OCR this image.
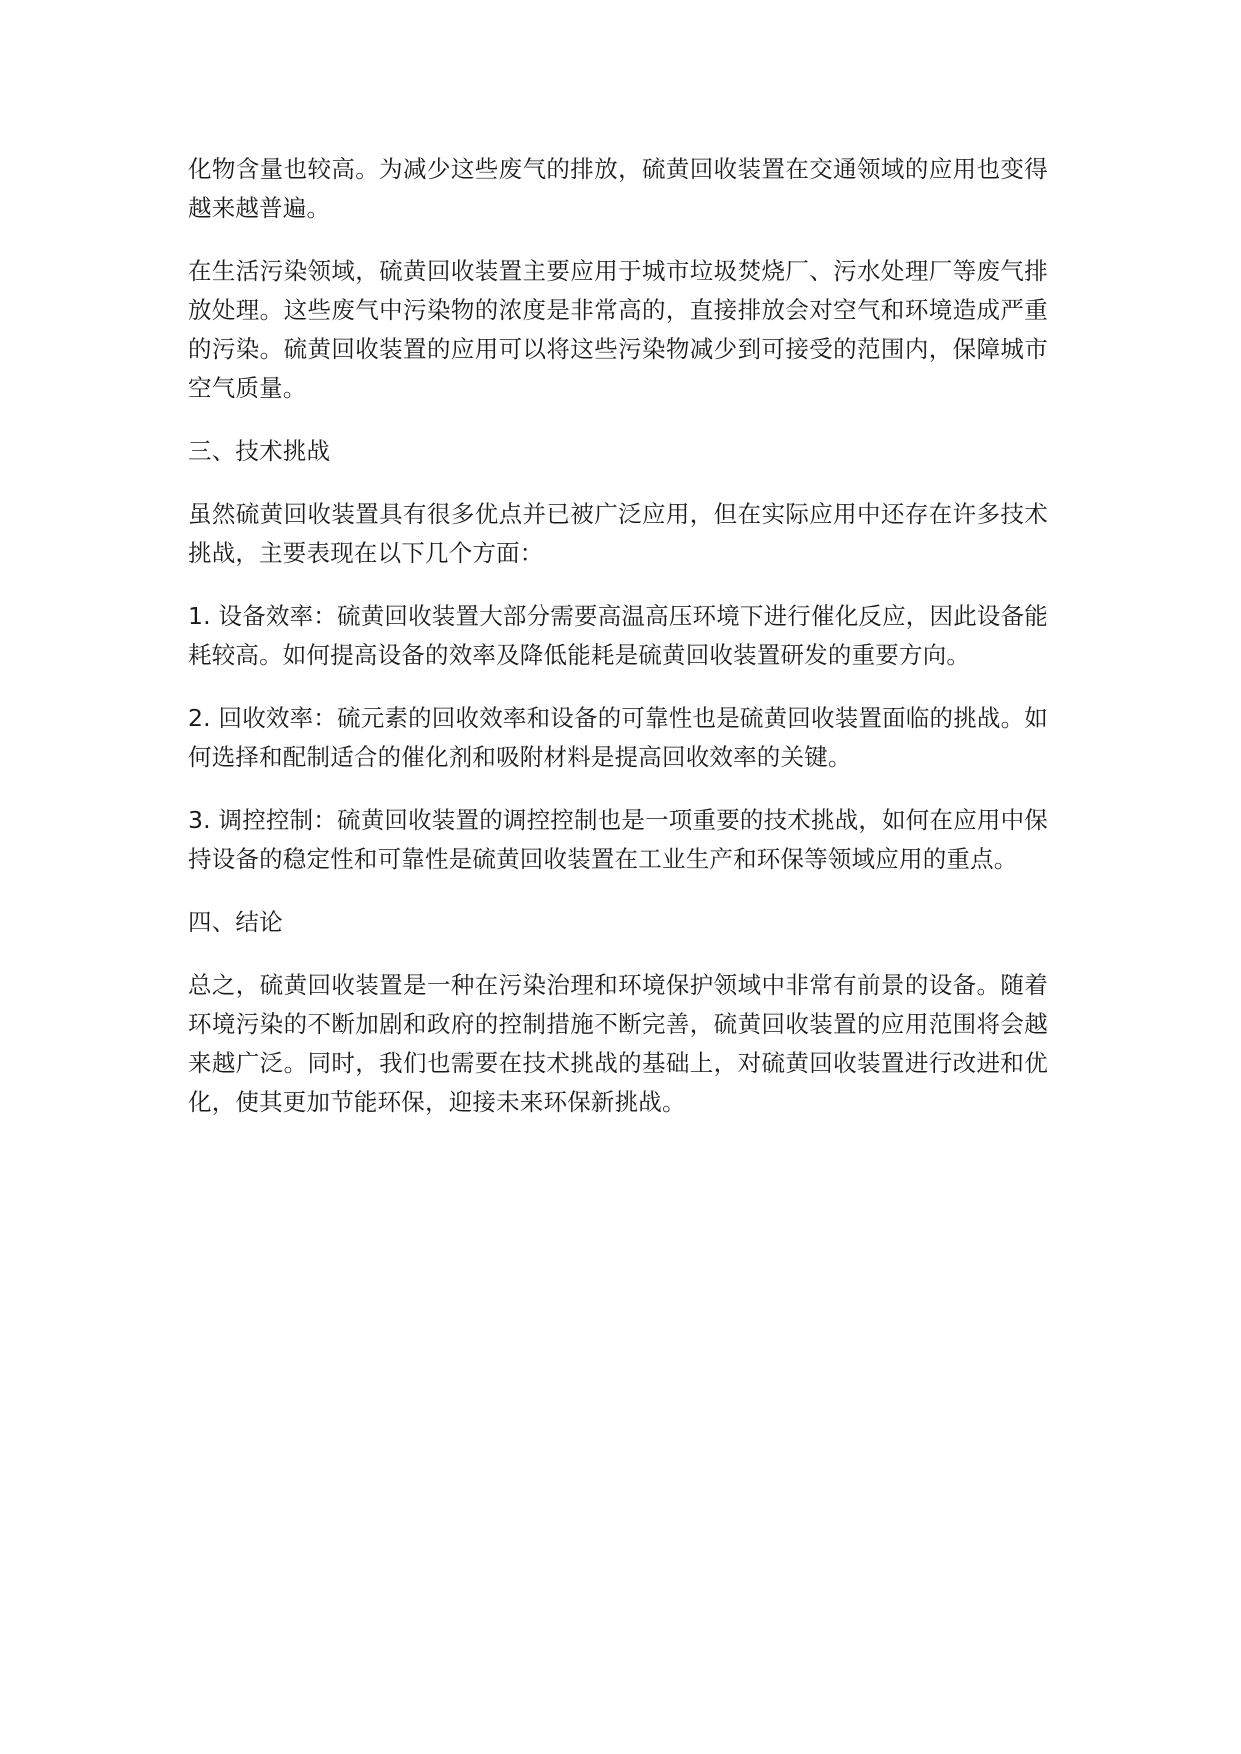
化物含量也较高。为减少这些废气的排放，硫黄回收装置在交通领域的应用也变得越来越普遍。

在生活污染领域，硫黄回收装置主要应用于城市垃圾焚烧厂、污水处理厂等废气排放处理。这些废气中污染物的浓度是非常高的，直接排放会对空气和环境造成严重的污染。硫黄回收装置的应用可以将这些污染物减少到可接受的范围内，保障城市空气质量。

三、技术挑战

虽然硫黄回收装置具有很多优点并已被广泛应用，但在实际应用中还存在许多技术挑战，主要表现在以下几个方面：

1. 设备效率：硫黄回收装置大部分需要高温高压环境下进行催化反应，因此设备能耗较高。如何提高设备的效率及降低能耗是硫黄回收装置研发的重要方向。

2. 回收效率：硫元素的回收效率和设备的可靠性也是硫黄回收装置面临的挑战。如何选择和配制适合的催化剂和吸附材料是提高回收效率的关键。

3. 调控控制：硫黄回收装置的调控控制也是一项重要的技术挑战，如何在应用中保持设备的稳定性和可靠性是硫黄回收装置在工业生产和环保等领域应用的重点。

四、结论

总之，硫黄回收装置是一种在污染治理和环境保护领域中非常有前景的设备。随着环境污染的不断加剧和政府的控制措施不断完善，硫黄回收装置的应用范围将会越来越广泛。同时，我们也需要在技术挑战的基础上，对硫黄回收装置进行改进和优化，使其更加节能环保，迎接未来环保新挑战。
